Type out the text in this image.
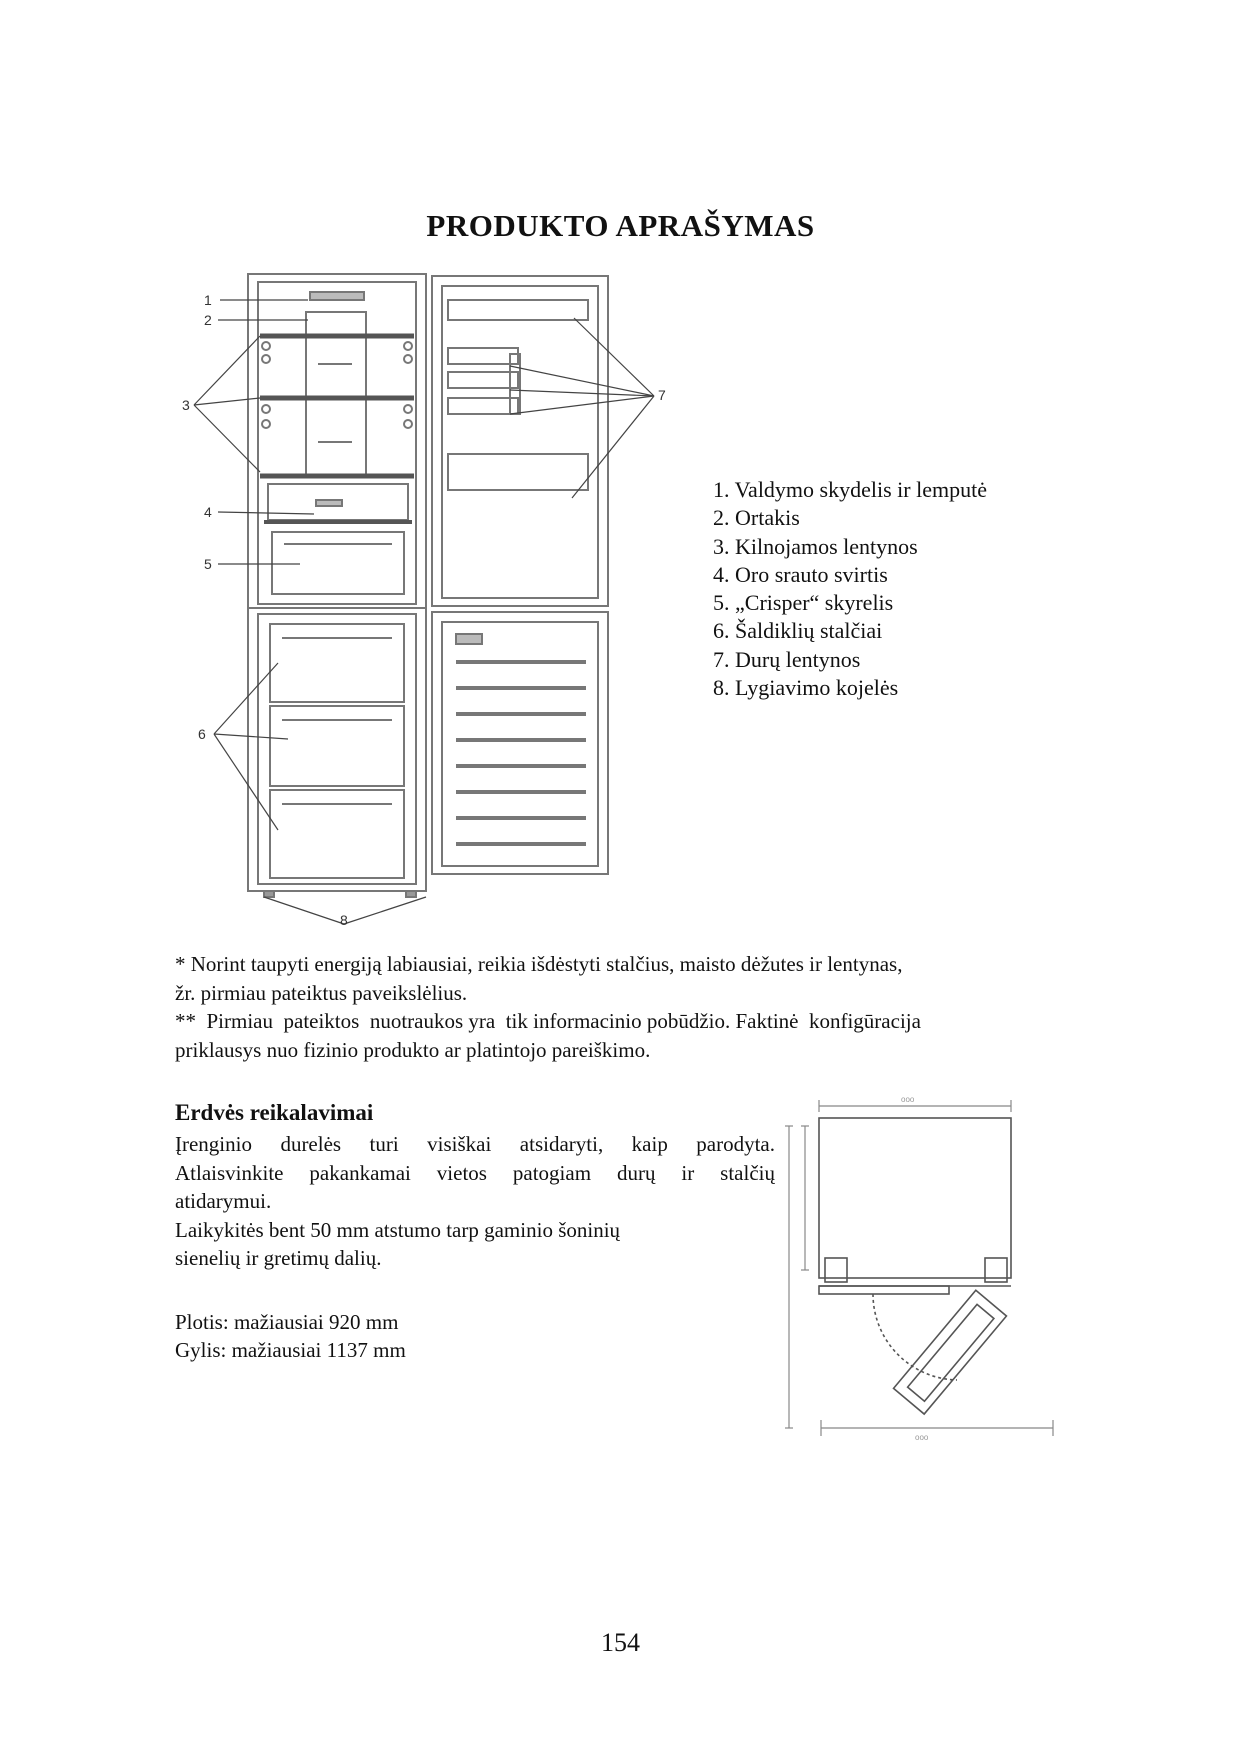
PRODUKTO APRAŠYMAS
1
2
3
4
5
6
7
8
1. Valdymo skydelis ir lemputė
2. Ortakis
3. Kilnojamos lentynos
4. Oro srauto svirtis
5. „Crisper“ skyrelis
6. Šaldiklių stalčiai
7. Durų lentynos
8. Lygiavimo kojelės

* Norint taupyti energiją labiausiai, reikia išdėstyti stalčius, maisto dėžutes ir lentynas,

žr. pirmiau pateiktus paveikslėlius.

**  Pirmiau  pateiktos  nuotraukos yra  tik informacinio pobūdžio. Faktinė  konfigūracija

priklausys nuo fizinio produkto ar platintojo pareiškimo.

Erdvės reikalavimai

Įrenginio durelės turi visiškai atsidaryti, kaip parodyta.

Atlaisvinkite pakankamai vietos patogiam durų ir stalčių

atidarymui.

Laikykitės bent 50 mm atstumo tarp gaminio šoninių

sienelių ir gretimų dalių.

Plotis: mažiausiai 920 mm

Gylis: mažiausiai 1137 mm

ooo
ooo
154
